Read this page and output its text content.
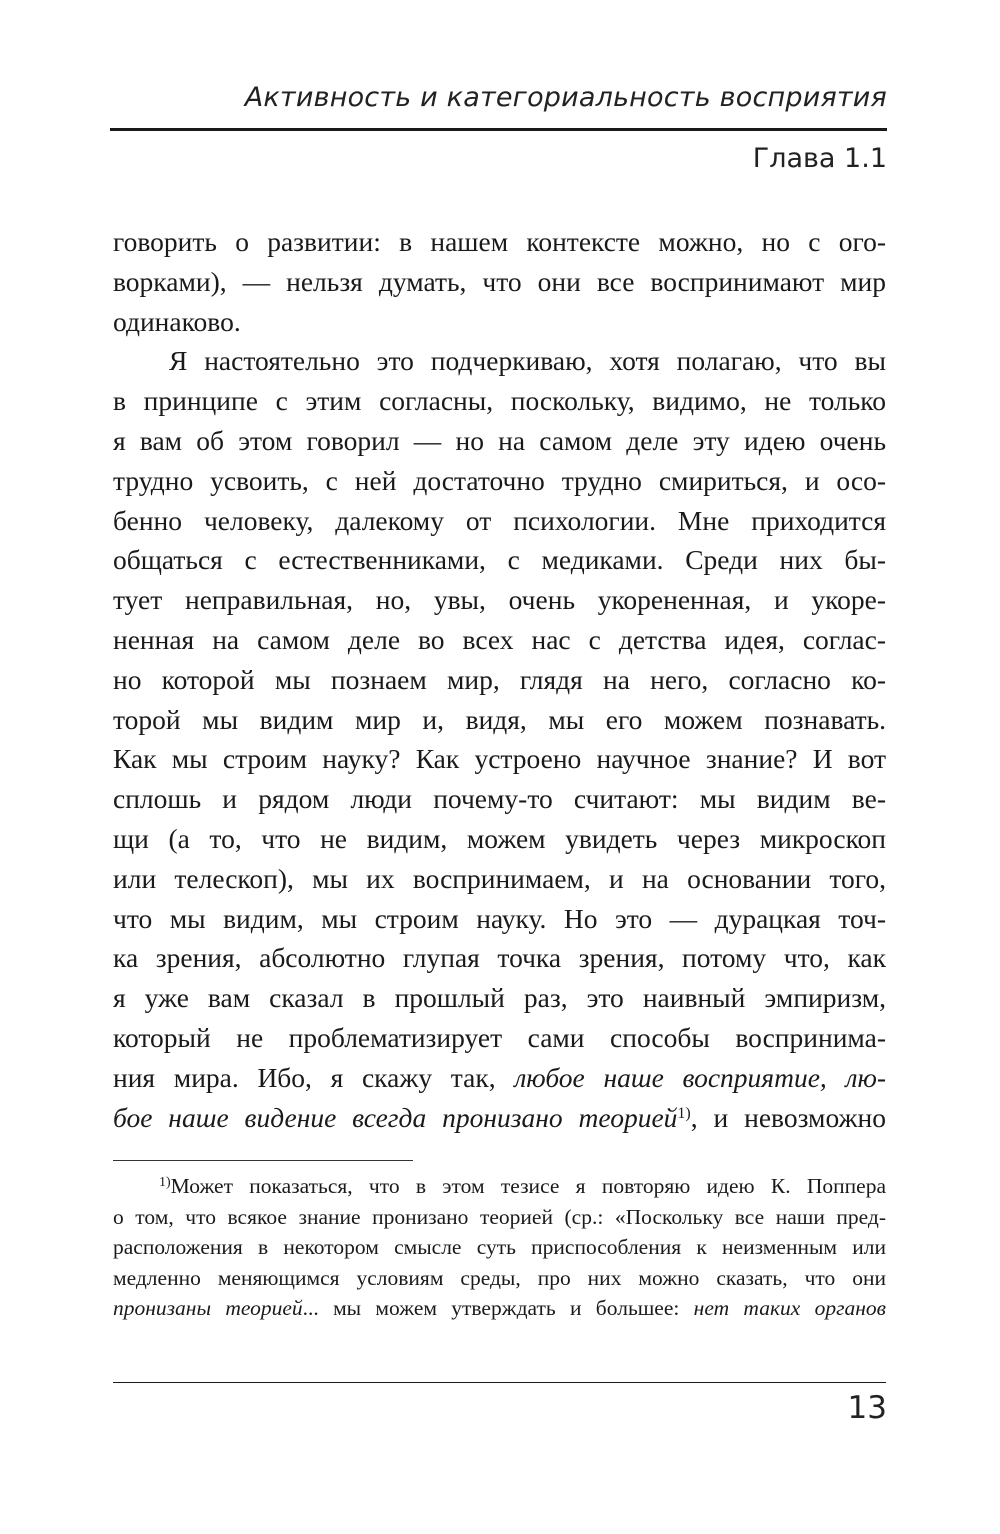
Активность и категориальность восприятия
Глава 1.1
говорить о развитии: в нашем контексте можно, но с ого-
ворками), — нельзя думать, что они все воспринимают мир
одинаково.
Я настоятельно это подчеркиваю, хотя полагаю, что вы
в принципе с этим согласны, поскольку, видимо, не только
я вам об этом говорил — но на самом деле эту идею очень
трудно усвоить, с ней достаточно трудно смириться, и осо-
бенно человеку, далекому от психологии. Мне приходится
общаться с естественниками, с медиками. Среди них бы-
тует неправильная, но, увы, очень укорененная, и укоре-
ненная на самом деле во всех нас с детства идея, соглас-
но которой мы познаем мир, глядя на него, согласно ко-
торой мы видим мир и, видя, мы его можем познавать.
Как мы строим науку? Как устроено научное знание? И вот
сплошь и рядом люди почему-то считают: мы видим ве-
щи (а то, что не видим, можем увидеть через микроскоп
или телескоп), мы их воспринимаем, и на основании того,
что мы видим, мы строим науку. Но это — дурацкая точ-
ка зрения, абсолютно глупая точка зрения, потому что, как
я уже вам сказал в прошлый раз, это наивный эмпиризм,
который не проблематизирует сами способы воспринима-
ния мира. Ибо, я скажу так, любое наше восприятие, лю-
бое наше видение всегда пронизано теорией$^{1)}$, и невозможно
$^{1)}$Может показаться, что в этом тезисе я повторяю идею К. Поппера
о том, что всякое знание пронизано теорией (ср.: «Поскольку все наши пред-
расположения в некотором смысле суть приспособления к неизменным или
медленно меняющимся условиям среды, про них можно сказать, что они
пронизаны теорией... мы можем утверждать и большее: нет таких органов
13
